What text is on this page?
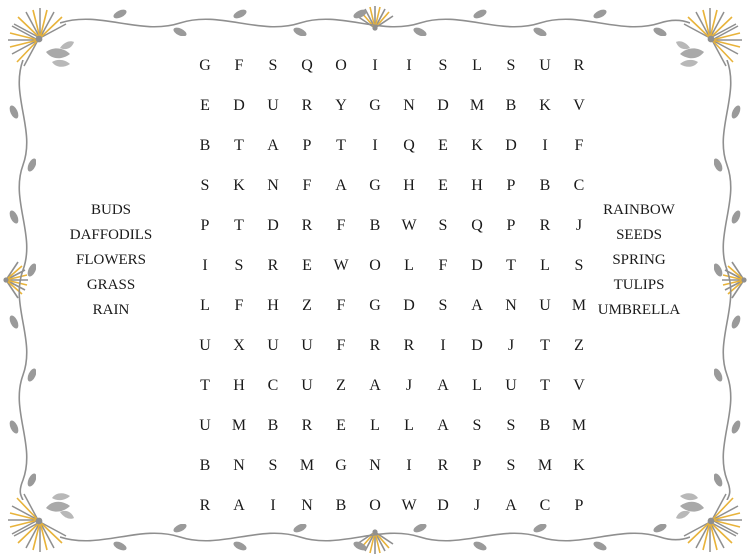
G	F	S	Q	O	I	I	S	L	S	U	R
E	D	U	R	Y	G	N	D	M	B	K	V
B	T	A	P	T	I	Q	E	K	D	I	F
S	K	N	F	A	G	H	E	H	P	B	C
P	T	D	R	F	B	W	S	Q	P	R	J
I	S	R	E	W	O	L	F	D	T	L	S
L	F	H	Z	F	G	D	S	A	N	U	M
U	X	U	U	F	R	R	I	D	J	T	Z
T	H	C	U	Z	A	J	A	L	U	T	V
U	M	B	R	E	L	L	A	S	S	B	M
B	N	S	M	G	N	I	R	P	S	M	K
R	A	I	N	B	O	W	D	J	A	C	P
BUDS
DAFFODILS
FLOWERS
GRASS
RAIN
RAINBOW
SEEDS
SPRING
TULIPS
UMBRELLA
